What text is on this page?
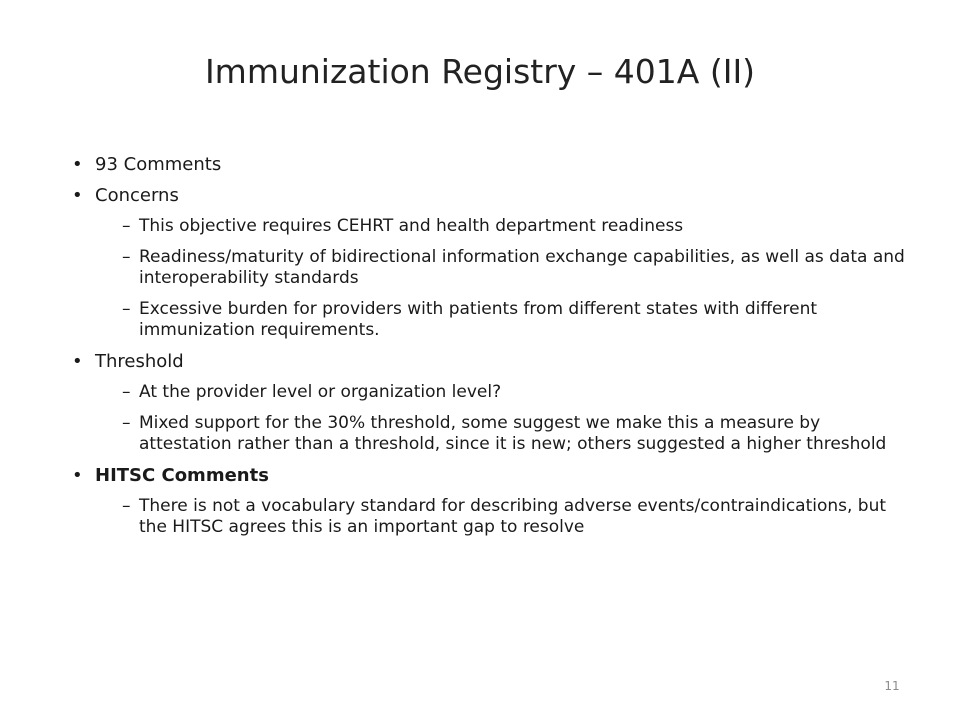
Immunization Registry – 401A (II)
• 93 Comments
• Concerns
– This objective requires CEHRT and health department readiness
– Readiness/maturity of bidirectional information exchange capabilities, as well as data and interoperability standards
– Excessive burden for providers with patients from different states with different immunization requirements.
• Threshold
– At the provider level or organization level?
– Mixed support for the 30% threshold, some suggest we make this a measure by attestation rather than a threshold, since it is new; others suggested a higher threshold
• HITSC Comments
– There is not a vocabulary standard for describing adverse events/contraindications, but the HITSC agrees this is an important gap to resolve
11
